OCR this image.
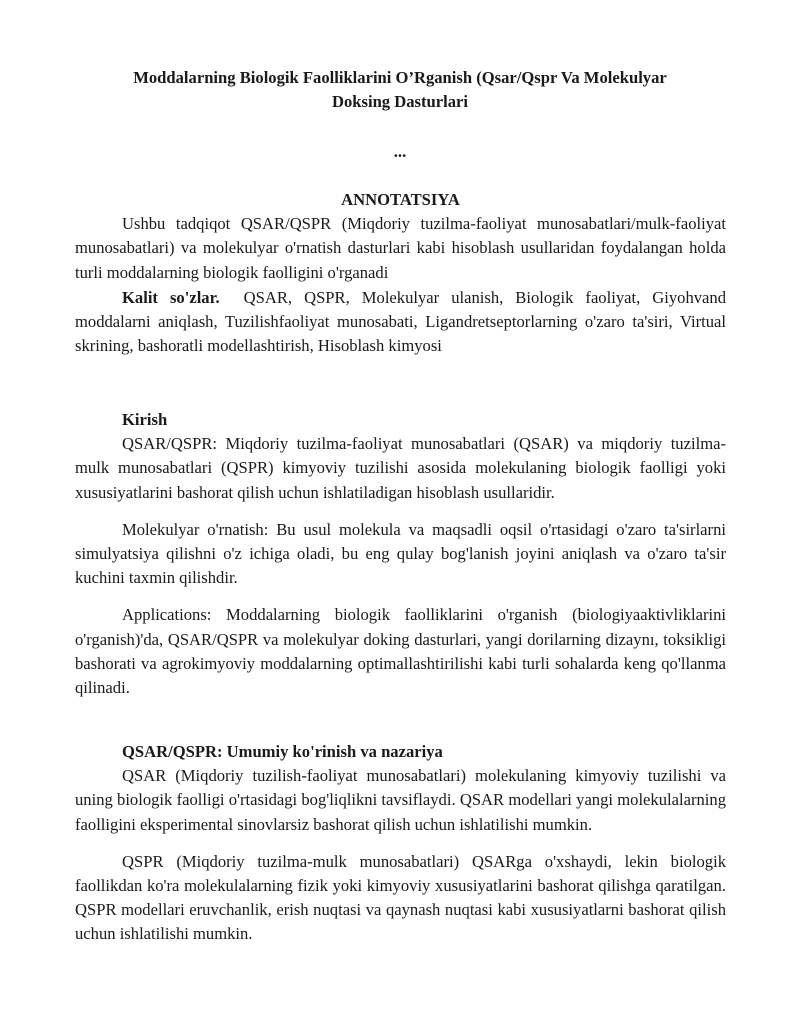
Moddalarning Biologik Faolliklarini O’Rganish (Qsar/Qspr Va Molekulyar
Doksing Dasturlari
...
ANNOTATSIYA

Ushbu tadqiqot QSAR/QSPR (Miqdoriy tuzilma-faoliyat munosabatlari/mulk-faoliyat munosabatlari) va molekulyar o'rnatish dasturlari kabi hisoblash usullaridan foydalangan holda turli moddalarning biologik faolligini o'rganadi

Kalit so'zlar. QSAR, QSPR, Molekulyar ulanish, Biologik faoliyat, Giyohvand moddalarni aniqlash, Tuzilishfaoliyat munosabati, Ligandretseptorlarning o'zaro ta'siri, Virtual skrining, bashoratli modellashtirish, Hisoblash kimyosi

Kirish

QSAR/QSPR: Miqdoriy tuzilma-faoliyat munosabatlari (QSAR) va miqdoriy tuzilma-mulk munosabatlari (QSPR) kimyoviy tuzilishi asosida molekulaning biologik faolligi yoki xususiyatlarini bashorat qilish uchun ishlatiladigan hisoblash usullaridir.

Molekulyar o'rnatish: Bu usul molekula va maqsadli oqsil o'rtasidagi o'zaro ta'sirlarni simulyatsiya qilishni o'z ichiga oladi, bu eng qulay bog'lanish joyini aniqlash va o'zaro ta'sir kuchini taxmin qilishdir.

Applications: Moddalarning biologik faolliklarini o'rganish (biologiyaaktivliklarini o'rganish)'da, QSAR/QSPR va molekulyar doking dasturlari, yangi dorilarning dizaynı, toksikligi bashorati va agrokimyoviy moddalarning optimallashtirilishi kabi turli sohalarda keng qo'llanma qilinadi.

QSAR/QSPR: Umumiy ko'rinish va nazariya

QSAR (Miqdoriy tuzilish-faoliyat munosabatlari) molekulaning kimyoviy tuzilishi va uning biologik faolligi o'rtasidagi bog'liqlikni tavsiflaydi. QSAR modellari yangi molekulalarning faolligini eksperimental sinovlarsiz bashorat qilish uchun ishlatilishi mumkin.

QSPR (Miqdoriy tuzilma-mulk munosabatlari) QSARga o'xshaydi, lekin biologik faollikdan ko'ra molekulalarning fizik yoki kimyoviy xususiyatlarini bashorat qilishga qaratilgan. QSPR modellari eruvchanlik, erish nuqtasi va qaynash nuqtasi kabi xususiyatlarni bashorat qilish uchun ishlatilishi mumkin.
